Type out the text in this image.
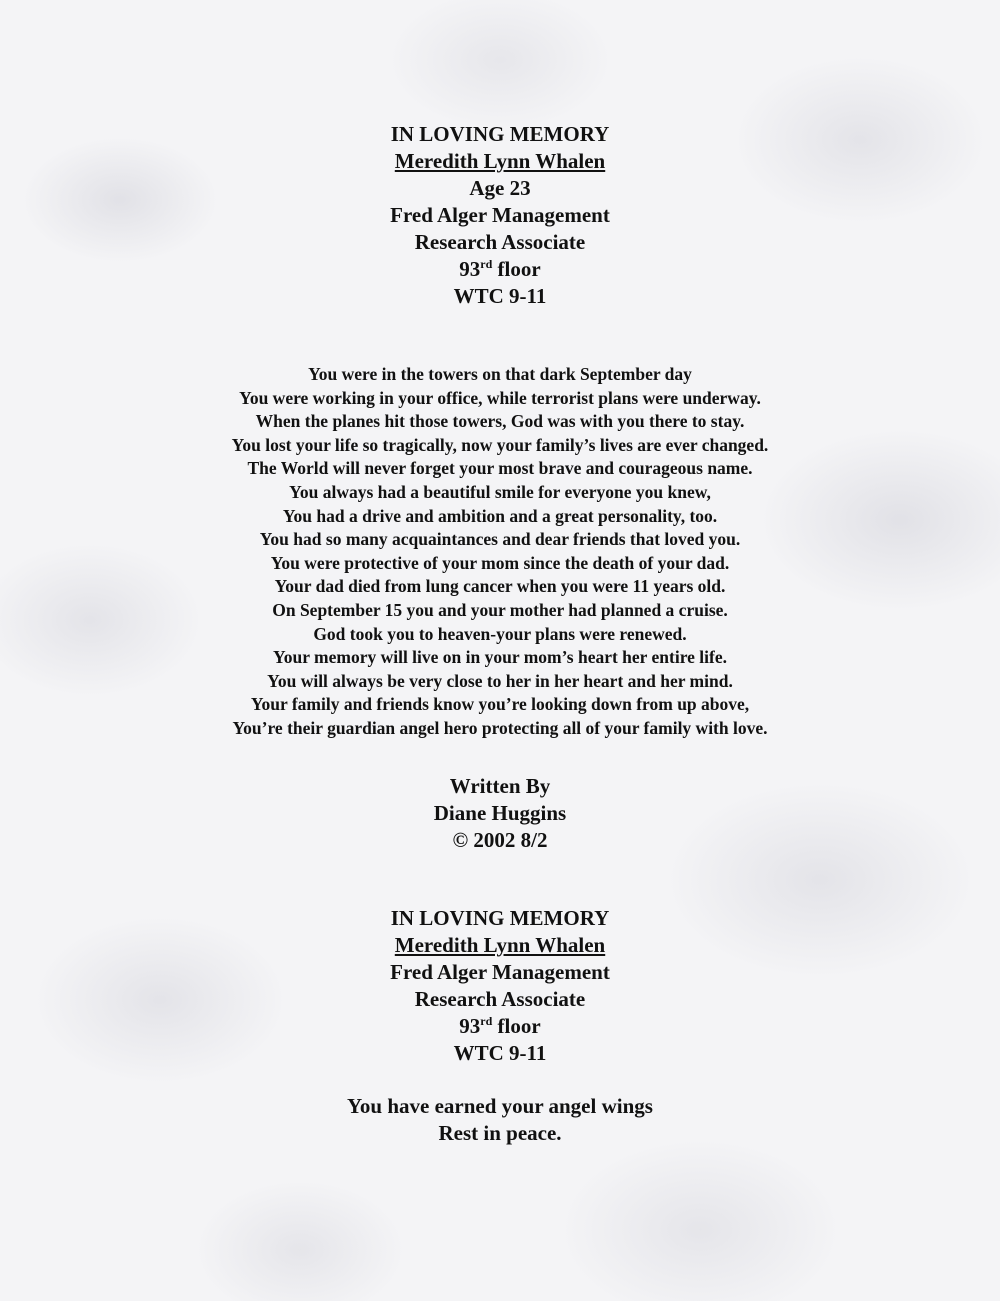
IN LOVING MEMORY
Meredith Lynn Whalen
Age 23
Fred Alger Management
Research Associate
93rd floor
WTC 9-11
You were in the towers on that dark September day
You were working in your office, while terrorist plans were underway.
When the planes hit those towers, God was with you there to stay.
You lost your life so tragically, now your family’s lives are ever changed.
The World will never forget your most brave and courageous name.
You always had a beautiful smile for everyone you knew,
You had a drive and ambition and a great personality, too.
You had so many acquaintances and dear friends that loved you.
You were protective of your mom since the death of your dad.
Your dad died from lung cancer when you were 11 years old.
On September 15 you and your mother had planned a cruise.
God took you to heaven-your plans were renewed.
Your memory will live on in your mom’s heart her entire life.
You will always be very close to her in her heart and her mind.
Your family and friends know you’re looking down from up above,
You’re their guardian angel hero protecting all of your family with love.
Written By
Diane Huggins
© 2002 8/2
IN LOVING MEMORY
Meredith Lynn Whalen
Fred Alger Management
Research Associate
93rd floor
WTC 9-11
You have earned your angel wings
Rest in peace.
